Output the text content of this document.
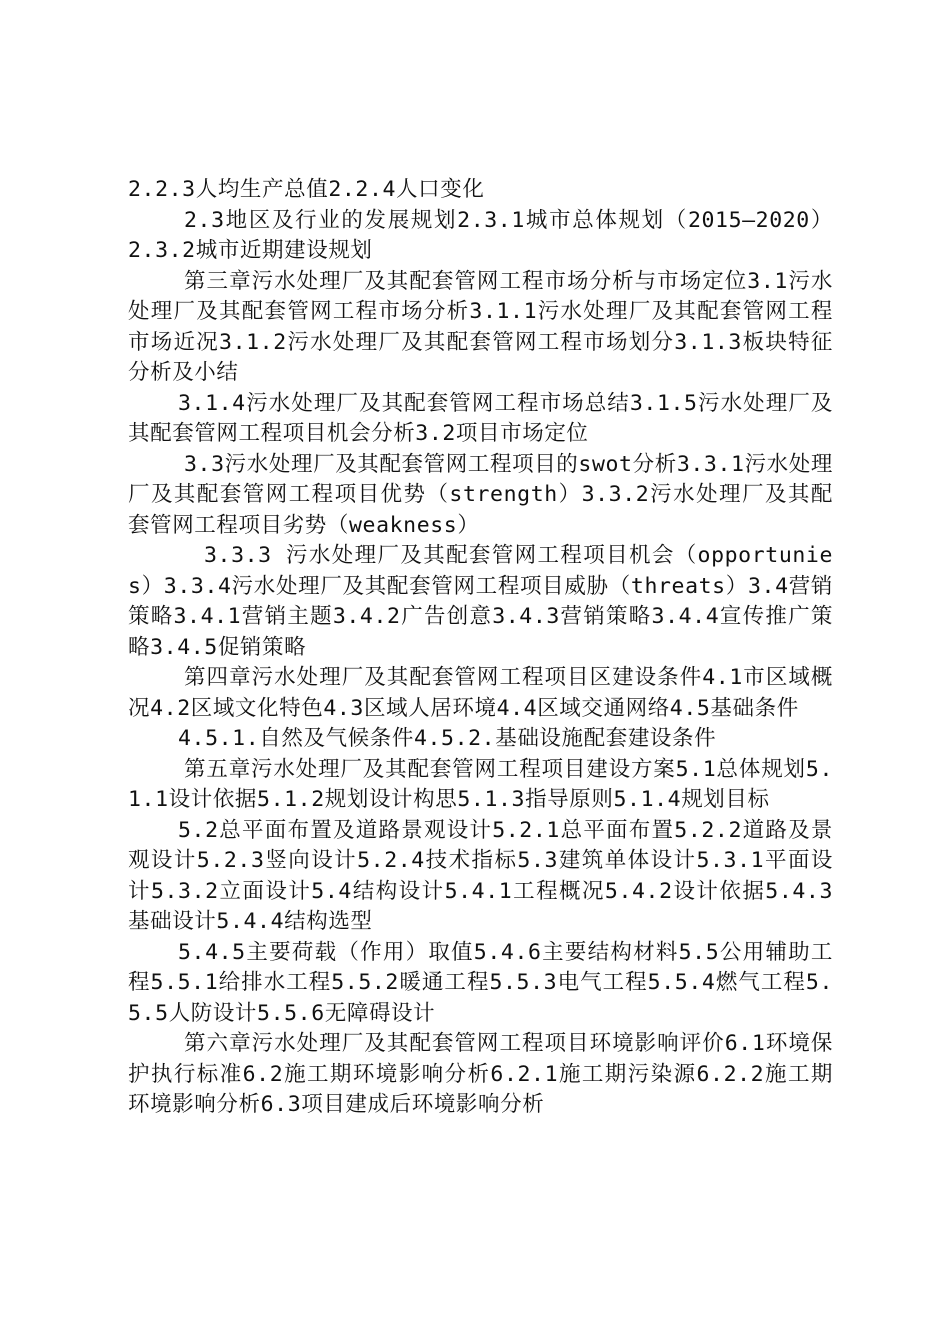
2.2.3人均生产总值2.2.4人口变化

2.3地区及行业的发展规划2.3.1城市总体规划（2015—2020）2.3.2城市近期建设规划

第三章污水处理厂及其配套管网工程市场分析与市场定位3.1污水处理厂及其配套管网工程市场分析3.1.1污水处理厂及其配套管网工程市场近况3.1.2污水处理厂及其配套管网工程市场划分3.1.3板块特征分析及小结

3.1.4污水处理厂及其配套管网工程市场总结3.1.5污水处理厂及其配套管网工程项目机会分析3.2项目市场定位

3.3污水处理厂及其配套管网工程项目的swot分析3.3.1污水处理厂及其配套管网工程项目优势（strength）3.3.2污水处理厂及其配套管网工程项目劣势（weakness）

3.3.3 污水处理厂及其配套管网工程项目机会（opportunies）3.3.4污水处理厂及其配套管网工程项目威胁（threats）3.4营销策略3.4.1营销主题3.4.2广告创意3.4.3营销策略3.4.4宣传推广策略3.4.5促销策略

第四章污水处理厂及其配套管网工程项目区建设条件4.1市区域概况4.2区域文化特色4.3区域人居环境4.4区域交通网络4.5基础条件

4.5.1.自然及气候条件4.5.2.基础设施配套建设条件

第五章污水处理厂及其配套管网工程项目建设方案5.1总体规划5.1.1设计依据5.1.2规划设计构思5.1.3指导原则5.1.4规划目标

5.2总平面布置及道路景观设计5.2.1总平面布置5.2.2道路及景观设计5.2.3竖向设计5.2.4技术指标5.3建筑单体设计5.3.1平面设计5.3.2立面设计5.4结构设计5.4.1工程概况5.4.2设计依据5.4.3基础设计5.4.4结构选型

5.4.5主要荷载（作用）取值5.4.6主要结构材料5.5公用辅助工程5.5.1给排水工程5.5.2暖通工程5.5.3电气工程5.5.4燃气工程5.5.5人防设计5.5.6无障碍设计

第六章污水处理厂及其配套管网工程项目环境影响评价6.1环境保护执行标准6.2施工期环境影响分析6.2.1施工期污染源6.2.2施工期环境影响分析6.3项目建成后环境影响分析
